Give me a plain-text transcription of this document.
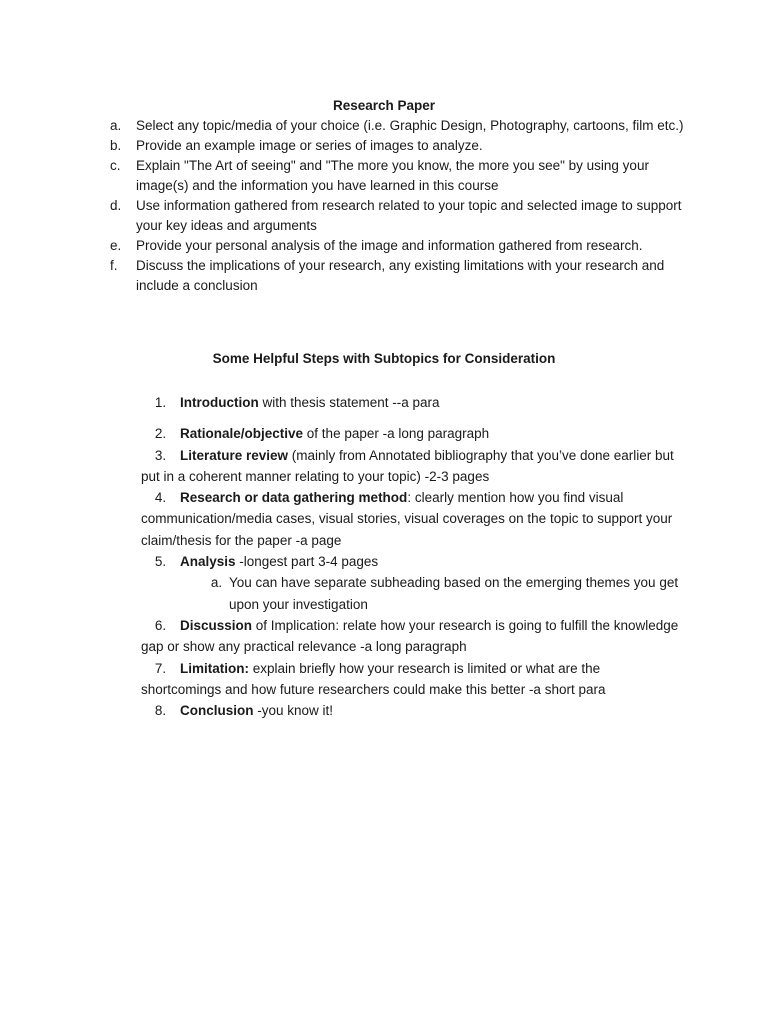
Research Paper
a.	Select any topic/media of your choice (i.e. Graphic Design, Photography, cartoons, film etc.)
b.	Provide an example image or series of images to analyze.
c.	Explain "The Art of seeing" and "The more you know, the more you see" by using your image(s) and the information you have learned in this course
d.	Use information gathered from research related to your topic and selected image to support your key ideas and arguments
e.	Provide your personal analysis of the image and information gathered from research.
f.	Discuss the implications of your research, any existing limitations with your research and include a conclusion
Some Helpful Steps with Subtopics for Consideration

1. Introduction with thesis statement --a para

2. Rationale/objective of the paper -a long paragraph

3. Literature review (mainly from Annotated bibliography that you’ve done earlier but put in a coherent manner relating to your topic) -2-3 pages

4. Research or data gathering method: clearly mention how you find visual communication/media cases, visual stories, visual coverages on the topic to support your claim/thesis for the paper -a page

5. Analysis -longest part 3-4 pages

a. You can have separate subheading based on the emerging themes you get upon your investigation

6. Discussion of Implication: relate how your research is going to fulfill the knowledge gap or show any practical relevance -a long paragraph

7. Limitation: explain briefly how your research is limited or what are the shortcomings and how future researchers could make this better -a short para

8. Conclusion -you know it!
